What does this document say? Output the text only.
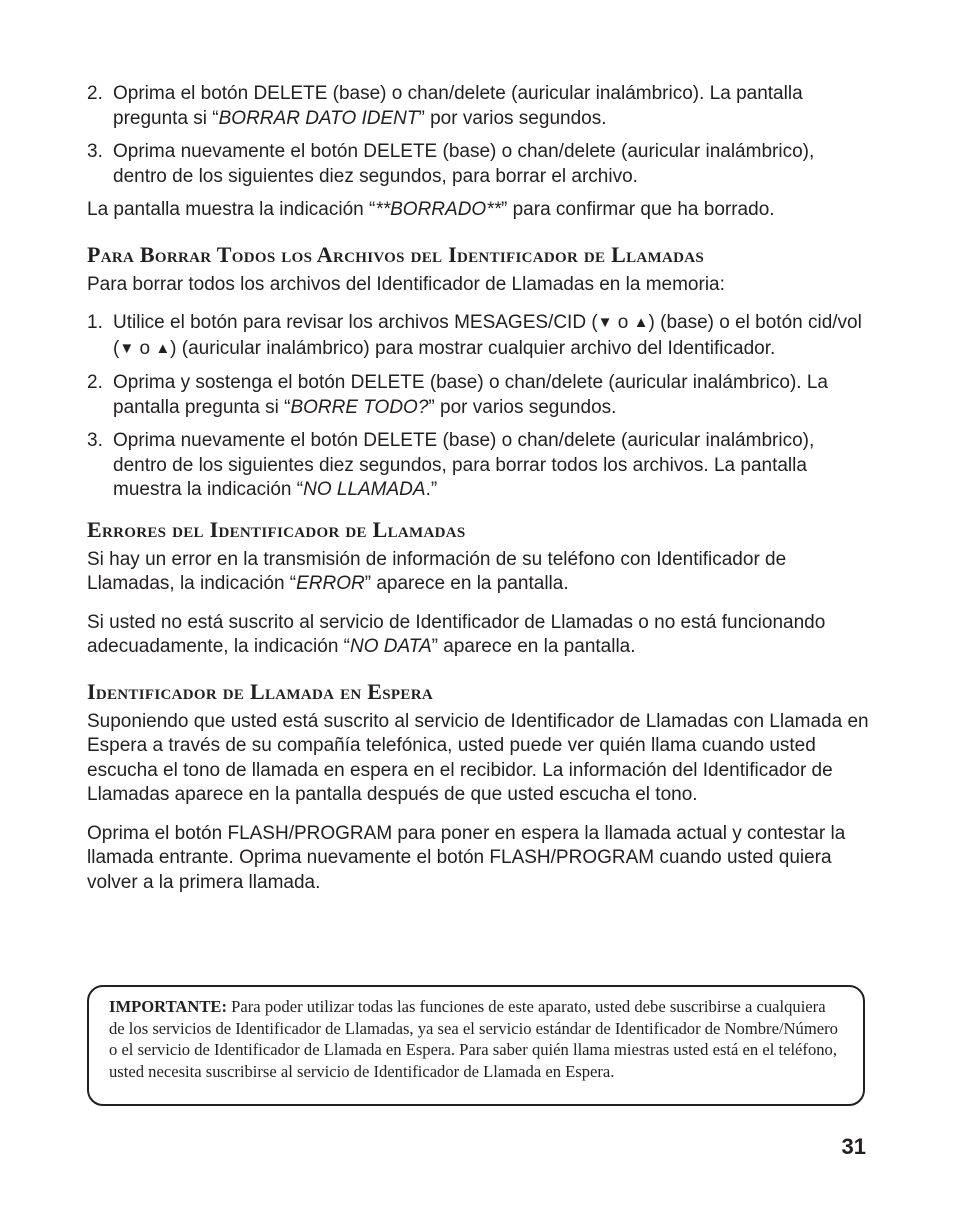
2. Oprima el botón DELETE (base) o chan/delete (auricular inalámbrico). La pantalla pregunta si “BORRAR DATO IDENT” por varios segundos.

3. Oprima nuevamente el botón DELETE (base) o chan/delete (auricular inalámbrico), dentro de los siguientes diez segundos, para borrar el archivo.

La pantalla muestra la indicación “**BORRADO**” para confirmar que ha borrado.

Para Borrar Todos los Archivos del Identificador de Llamadas

Para borrar todos los archivos del Identificador de Llamadas en la memoria:

1. Utilice el botón para revisar los archivos MESAGES/CID (▼ o ▲) (base) o el botón cid/vol (▼ o ▲) (auricular inalámbrico) para mostrar cualquier archivo del Identificador.

2. Oprima y sostenga el botón DELETE (base) o chan/delete (auricular inalámbrico). La pantalla pregunta si “BORRE TODO?” por varios segundos.

3. Oprima nuevamente el botón DELETE (base) o chan/delete (auricular inalámbrico), dentro de los siguientes diez segundos, para borrar todos los archivos. La pantalla muestra la indicación “NO LLAMADA.”

Errores del Identificador de Llamadas

Si hay un error en la transmisión de información de su teléfono con Identificador de Llamadas, la indicación “ERROR” aparece en la pantalla.

Si usted no está suscrito al servicio de Identificador de Llamadas o no está funcionando adecuadamente, la indicación “NO DATA” aparece en la pantalla.

Identificador de Llamada en Espera

Suponiendo que usted está suscrito al servicio de Identificador de Llamadas con Llamada en Espera a través de su compañía telefónica, usted puede ver quién llama cuando usted escucha el tono de llamada en espera en el recibidor. La información del Identificador de Llamadas aparece en la pantalla después de que usted escucha el tono.

Oprima el botón FLASH/PROGRAM para poner en espera la llamada actual y contestar la llamada entrante. Oprima nuevamente el botón FLASH/PROGRAM cuando usted quiera volver a la primera llamada.

IMPORTANTE: Para poder utilizar todas las funciones de este aparato, usted debe suscribirse a cualquiera de los servicios de Identificador de Llamadas, ya sea el servicio estándar de Identificador de Nombre/Número o el servicio de Identificador de Llamada en Espera. Para saber quién llama miestras usted está en el teléfono, usted necesita suscribirse al servicio de Identificador de Llamada en Espera.
31
